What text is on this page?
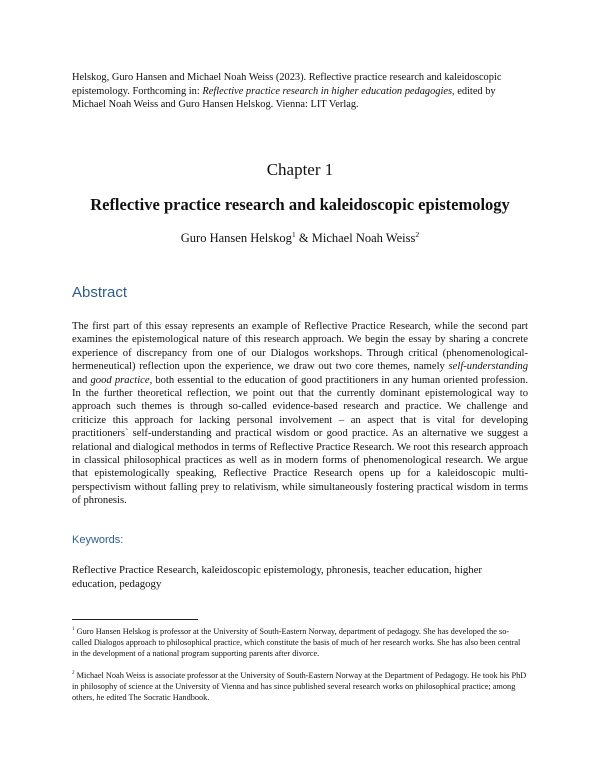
Helskog, Guro Hansen and Michael Noah Weiss (2023). Reflective practice research and kaleidoscopic epistemology. Forthcoming in: Reflective practice research in higher education pedagogies, edited by Michael Noah Weiss and Guro Hansen Helskog. Vienna: LIT Verlag.
Chapter 1
Reflective practice research and kaleidoscopic epistemology
Guro Hansen Helskog$^1$ & Michael Noah Weiss$^2$
Abstract
The first part of this essay represents an example of Reflective Practice Research, while the second part examines the epistemological nature of this research approach. We begin the essay by sharing a concrete experience of discrepancy from one of our Dialogos workshops. Through critical (phenomenological-hermeneutical) reflection upon the experience, we draw out two core themes, namely self-understanding and good practice, both essential to the education of good practitioners in any human oriented profession. In the further theoretical reflection, we point out that the currently dominant epistemological way to approach such themes is through so-called evidence-based research and practice. We challenge and criticize this approach for lacking personal involvement – an aspect that is vital for developing practitioners` self-understanding and practical wisdom or good practice. As an alternative we suggest a relational and dialogical methodos in terms of Reflective Practice Research. We root this research approach in classical philosophical practices as well as in modern forms of phenomenological research. We argue that epistemologically speaking, Reflective Practice Research opens up for a kaleidoscopic multi-perspectivism without falling prey to relativism, while simultaneously fostering practical wisdom in terms of phronesis.
Keywords:
Reflective Practice Research, kaleidoscopic epistemology, phronesis, teacher education, higher education, pedagogy
$^1$ Guro Hansen Helskog is professor at the University of South-Eastern Norway, department of pedagogy. She has developed the so-called Dialogos approach to philosophical practice, which constitute the basis of much of her research works. She has also been central in the development of a national program supporting parents after divorce.
$^2$ Michael Noah Weiss is associate professor at the University of South-Eastern Norway at the Department of Pedagogy. He took his PhD in philosophy of science at the University of Vienna and has since published several research works on philosophical practice; among others, he edited The Socratic Handbook.
